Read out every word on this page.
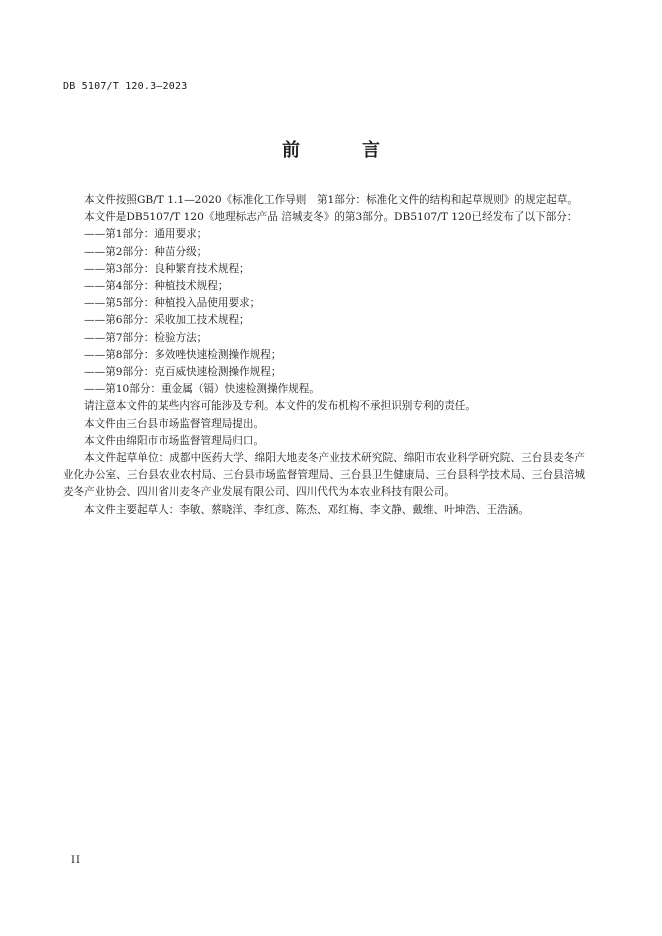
DB 5107/T 120.3—2023
前　言

本文件按照GB/T 1.1—2020《标准化工作导则　第1部分：标准化文件的结构和起草规则》的规定起草。

本文件是DB5107/T 120《地理标志产品 涪城麦冬》的第3部分。DB5107/T 120已经发布了以下部分：

——第1部分：通用要求；
——第2部分：种苗分级；
——第3部分：良种繁育技术规程；
——第4部分：种植技术规程；
——第5部分：种植投入品使用要求；
——第6部分：采收加工技术规程；
——第7部分：检验方法；
——第8部分：多效唑快速检测操作规程；
——第9部分：克百威快速检测操作规程；
——第10部分：重金属（镉）快速检测操作规程。

请注意本文件的某些内容可能涉及专利。本文件的发布机构不承担识别专利的责任。

本文件由三台县市场监督管理局提出。

本文件由绵阳市市场监督管理局归口。

本文件起草单位：成都中医药大学、绵阳大地麦冬产业技术研究院、绵阳市农业科学研究院、三台县麦冬产业化办公室、三台县农业农村局、三台县市场监督管理局、三台县卫生健康局、三台县科学技术局、三台县涪城麦冬产业协会、四川省川麦冬产业发展有限公司、四川代代为本农业科技有限公司。

本文件主要起草人：李敏、蔡晓洋、李红彦、陈杰、邓红梅、李文静、戴维、叶坤浩、王浩涵。

II
